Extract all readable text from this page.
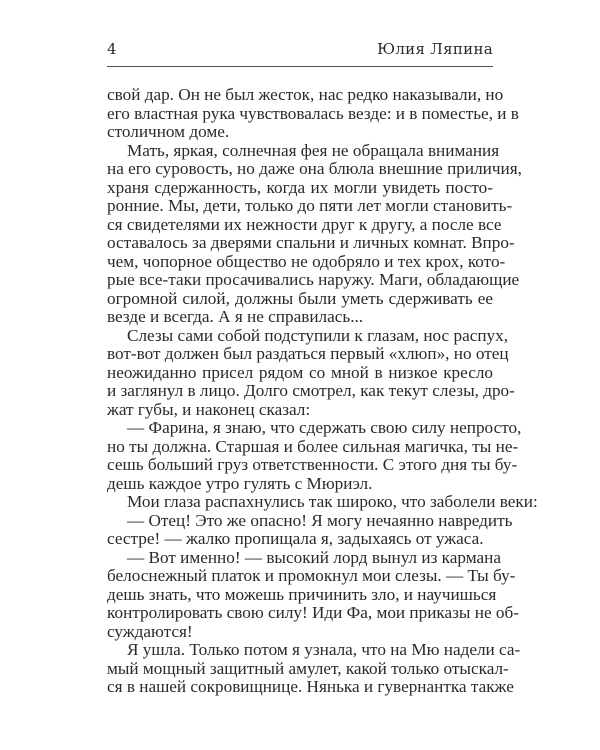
4	Юлия Ляпина
свой дар. Он не был жесток, нас редко наказывали, но
его властная рука чувствовалась везде: и в поместье, и в
столичном доме.
Мать, яркая, солнечная фея не обращала внимания
на его суровость, но даже она блюла внешние приличия,
храня сдержанность, когда их могли увидеть посто-
ронние. Мы, дети, только до пяти лет могли становить-
ся свидетелями их нежности друг к другу, а после все
оставалось за дверями спальни и личных комнат. Впро-
чем, чопорное общество не одобряло и тех крох, кото-
рые все-таки просачивались наружу. Маги, обладающие
огромной силой, должны были уметь сдерживать ее
везде и всегда. А я не справилась...
Слезы сами собой подступили к глазам, нос распух,
вот-вот должен был раздаться первый «хлюп», но отец
неожиданно присел рядом со мной в низкое кресло
и заглянул в лицо. Долго смотрел, как текут слезы, дро-
жат губы, и наконец сказал:
— Фарина, я знаю, что сдержать свою силу непросто,
но ты должна. Старшая и более сильная магичка, ты не-
сешь больший груз ответственности. С этого дня ты бу-
дешь каждое утро гулять с Мюриэл.
Мои глаза распахнулись так широко, что заболели веки:
— Отец! Это же опасно! Я могу нечаянно навредить
сестре! — жалко пропищала я, задыхаясь от ужаса.
— Вот именно! — высокий лорд вынул из кармана
белоснежный платок и промокнул мои слезы. — Ты бу-
дешь знать, что можешь причинить зло, и научишься
контролировать свою силу! Иди Фа, мои приказы не об-
суждаются!
Я ушла. Только потом я узнала, что на Мю надели са-
мый мощный защитный амулет, какой только отыскал-
ся в нашей сокровищнице. Нянька и гувернантка также
